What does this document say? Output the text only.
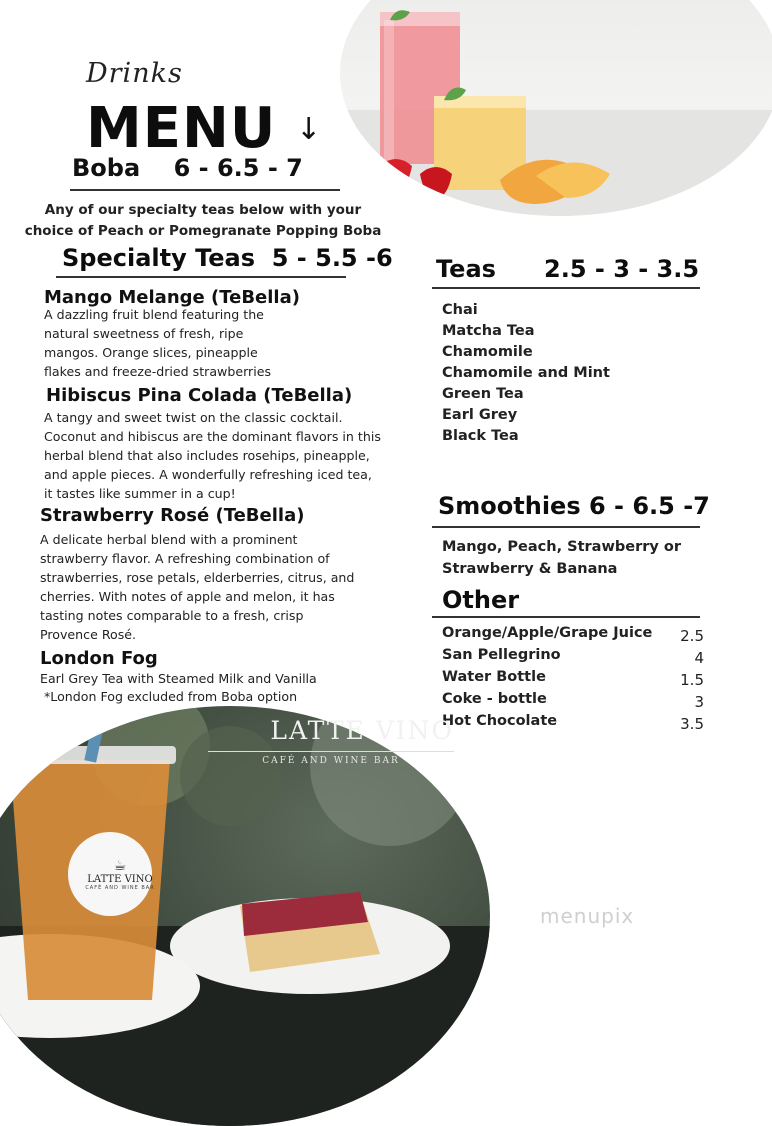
Drinks
MENU ↓
Boba    6 - 6.5 - 7
Any of our specialty teas below with your
choice of Peach or Pomegranate Popping Boba
Specialty Teas  5 - 5.5 -6
Mango Melange (TeBella)
A dazzling fruit blend featuring the
natural sweetness of fresh, ripe
mangos. Orange slices, pineapple
flakes and freeze-dried strawberries
Hibiscus Pina Colada (TeBella)
A tangy and sweet twist on the classic cocktail.
Coconut and hibiscus are the dominant flavors in this
herbal blend that also includes rosehips, pineapple,
and apple pieces. A wonderfully refreshing iced tea,
it tastes like summer in a cup!
Strawberry Rosé (TeBella)
A delicate herbal blend with a prominent
strawberry flavor. A refreshing combination of
strawberries, rose petals, elderberries, citrus, and
cherries. With notes of apple and melon, it has
tasting notes comparable to a fresh, crisp
Provence Rosé.
London Fog
Earl Grey Tea with Steamed Milk and Vanilla
*London Fog excluded from Boba option
Teas 2.5 - 3 - 3.5
Chai
Matcha Tea
Chamomile
Chamomile and Mint
Green Tea
Earl Grey
Black Tea
Smoothies 6 - 6.5 -7
Mango, Peach, Strawberry or
Strawberry & Banana
Other
Orange/Apple/Grape Juice 2.5
San Pellegrino	4
Water Bottle	1.5
Coke - bottle	3
Hot Chocolate	3.5
LATTE VINO
CAFÉ AND WINE BAR
☕
LATTE VINO
CAFÉ AND WINE BAR
menupix
